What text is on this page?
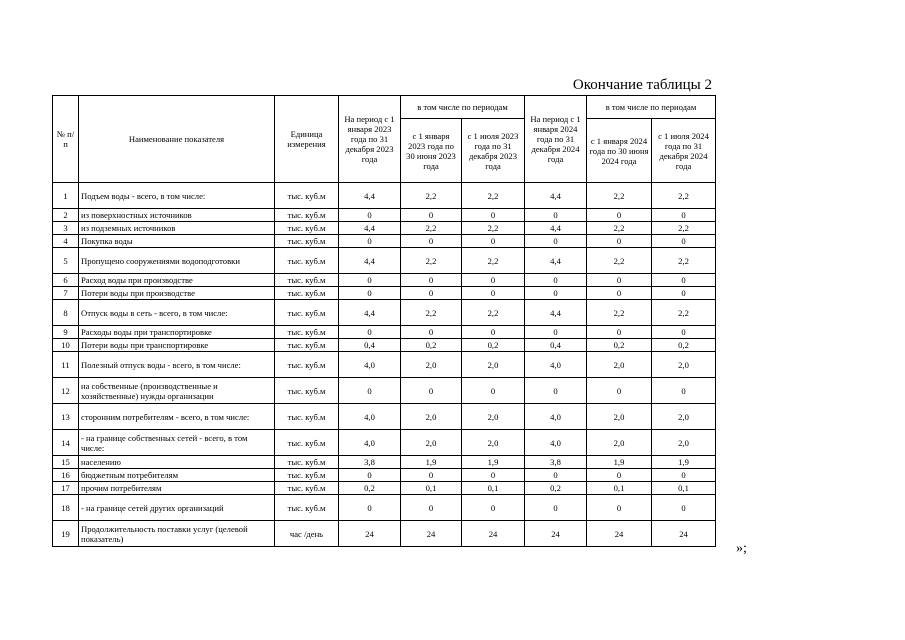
Окончание таблицы 2
№ п/п	Наименование показателя	Единица измерения	На период с 1 января 2023 года по 31 декабря 2023 года	в том числе по периодам		На период с 1 января 2024 года по 31 декабря 2024 года	в том числе по периодам	
				с 1 января 2023 года по 30 июня 2023 года	с 1 июля 2023 года по 31 декабря 2023 года		с 1 января 2024 года по 30 июня 2024 года	с 1 июля 2024 года по 31 декабря 2024 года
1	Подъем воды - всего, в том числе:	тыс. куб.м	4,4	2,2	2,2	4,4	2,2	2,2
2	из поверхностных источников	тыс. куб.м	0	0	0	0	0	0
3	из подземных источников	тыс. куб.м	4,4	2,2	2,2	4,4	2,2	2,2
4	Покупка воды	тыс. куб.м	0	0	0	0	0	0
5	Пропущено сооружениями водоподготовки	тыс. куб.м	4,4	2,2	2,2	4,4	2,2	2,2
6	Расход воды при производстве	тыс. куб.м	0	0	0	0	0	0
7	Потери воды при производстве	тыс. куб.м	0	0	0	0	0	0
8	Отпуск воды в сеть - всего, в том числе:	тыс. куб.м	4,4	2,2	2,2	4,4	2,2	2,2
9	Расходы воды при транспортировке	тыс. куб.м	0	0	0	0	0	0
10	Потери воды при транспортировке	тыс. куб.м	0,4	0,2	0,2	0,4	0,2	0,2
11	Полезный отпуск воды - всего, в том числе:	тыс. куб.м	4,0	2,0	2,0	4,0	2,0	2,0
12	на собственные (производственные и хозяйственные) нужды организации	тыс. куб.м	0	0	0	0	0	0
13	сторонним потребителям - всего, в том числе:	тыс. куб.м	4,0	2,0	2,0	4,0	2,0	2,0
14	- на границе собственных сетей - всего, в том числе:	тыс. куб.м	4,0	2,0	2,0	4,0	2,0	2,0
15	населению	тыс. куб.м	3,8	1,9	1,9	3,8	1,9	1,9
16	бюджетным потребителям	тыс. куб.м	0	0	0	0	0	0
17	прочим потребителям	тыс. куб.м	0,2	0,1	0,1	0,2	0,1	0,1
18	- на границе сетей других организаций	тыс. куб.м	0	0	0	0	0	0
19	Продолжительность поставки услуг (целевой показатель)	час /день	24	24	24	24	24	24
»;
